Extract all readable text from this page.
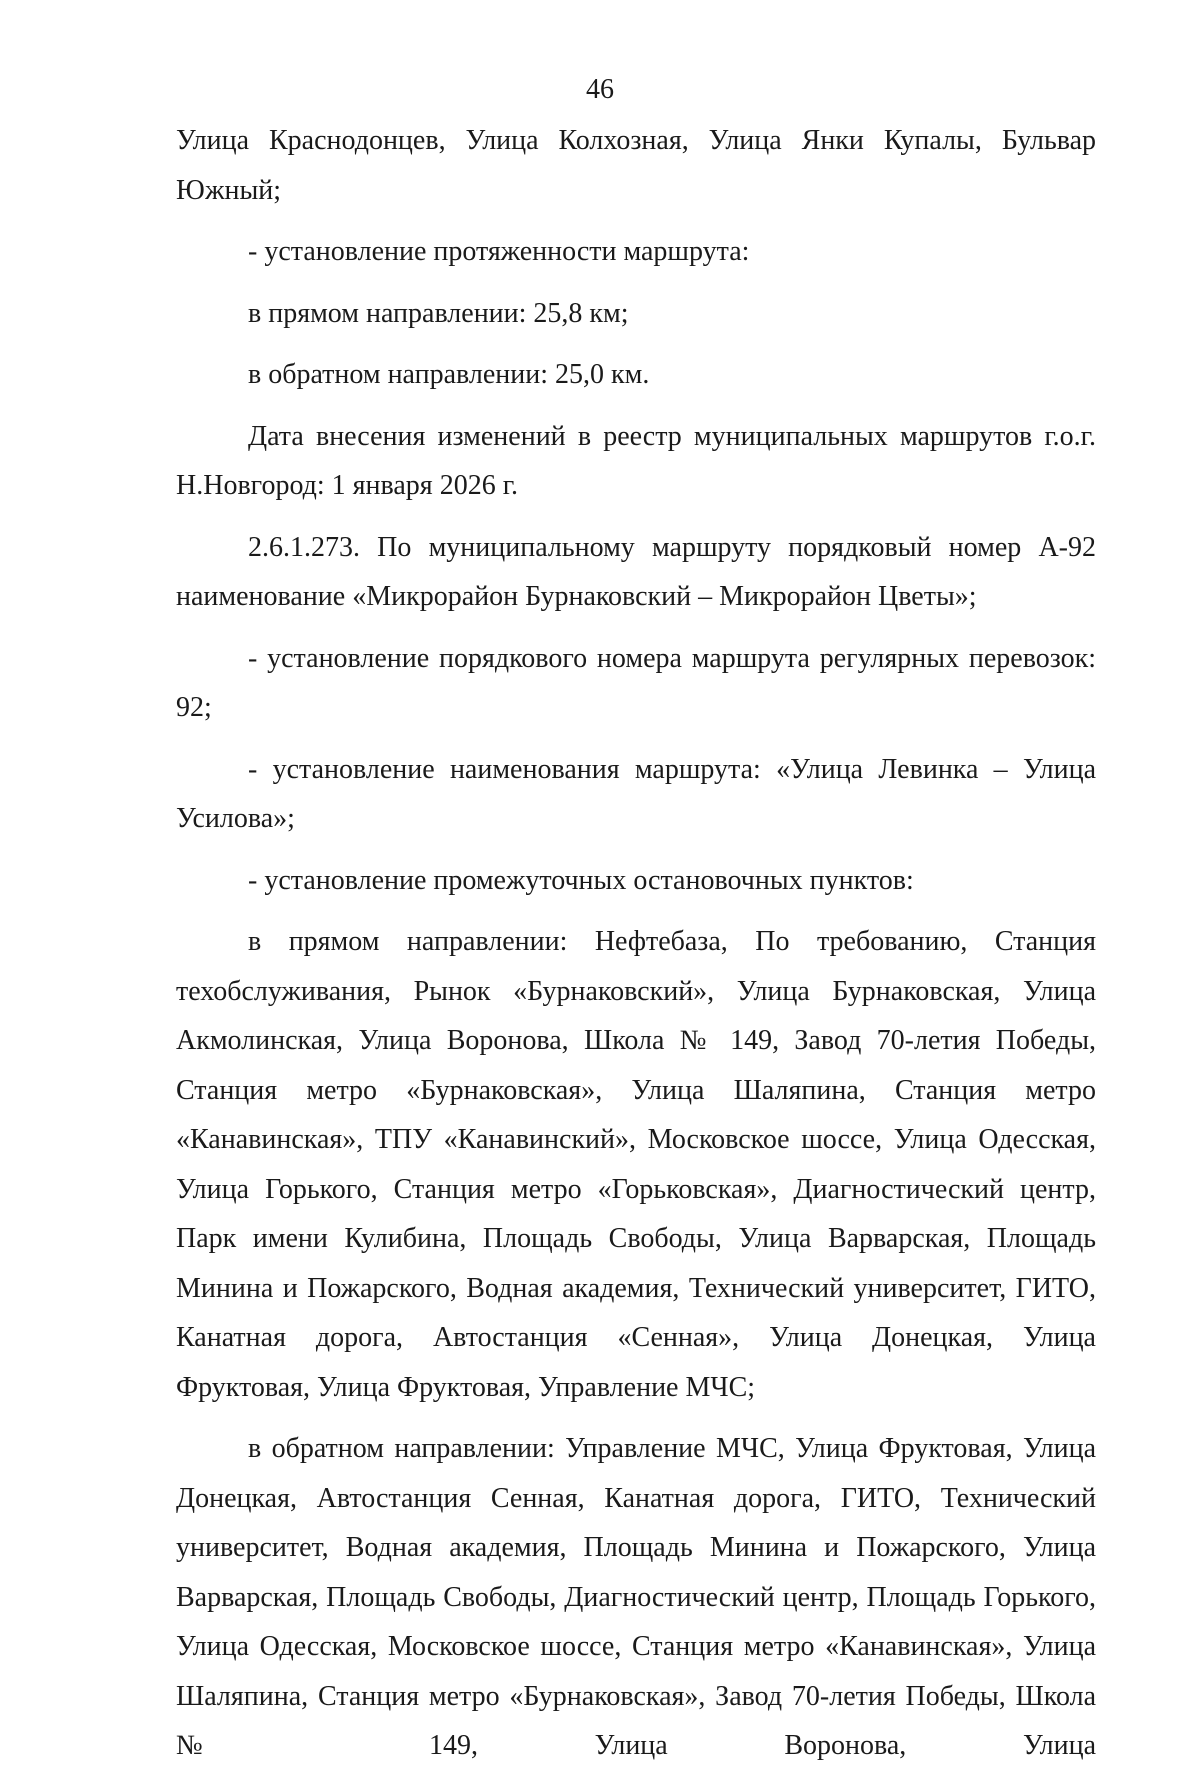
46

Улица Краснодонцев, Улица Колхозная, Улица Янки Купалы, Бульвар Южный;

- установление протяженности маршрута:

в прямом направлении: 25,8 км;

в обратном направлении: 25,0 км.

Дата внесения изменений в реестр муниципальных маршрутов г.о.г. Н.Новгород: 1 января 2026 г.

2.6.1.273. По муниципальному маршруту порядковый номер А-92 наименование «Микрорайон Бурнаковский – Микрорайон Цветы»;

- установление порядкового номера маршрута регулярных перевозок: 92;

- установление наименования маршрута: «Улица Левинка – Улица Усилова»;

- установление промежуточных остановочных пунктов:

в прямом направлении: Нефтебаза, По требованию, Станция техобслуживания, Рынок «Бурнаковский», Улица Бурнаковская, Улица Акмолинская, Улица Воронова, Школа № 149, Завод 70-летия Победы, Станция метро «Бурнаковская», Улица Шаляпина, Станция метро «Канавинская», ТПУ «Канавинский», Московское шоссе, Улица Одесская, Улица Горького, Станция метро «Горьковская», Диагностический центр, Парк имени Кулибина, Площадь Свободы, Улица Варварская, Площадь Минина и Пожарского, Водная академия, Технический университет, ГИТО, Канатная дорога, Автостанция «Сенная», Улица Донецкая, Улица Фруктовая, Улица Фруктовая, Управление МЧС;

в обратном направлении: Управление МЧС, Улица Фруктовая, Улица Донецкая, Автостанция Сенная, Канатная дорога, ГИТО, Технический университет, Водная академия, Площадь Минина и Пожарского, Улица Варварская, Площадь Свободы, Диагностический центр, Площадь Горького, Улица Одесская, Московское шоссе, Станция метро «Канавинская», Улица Шаляпина, Станция метро «Бурнаковская», Завод 70-летия Победы, Школа № 149, Улица Воронова, Улица
